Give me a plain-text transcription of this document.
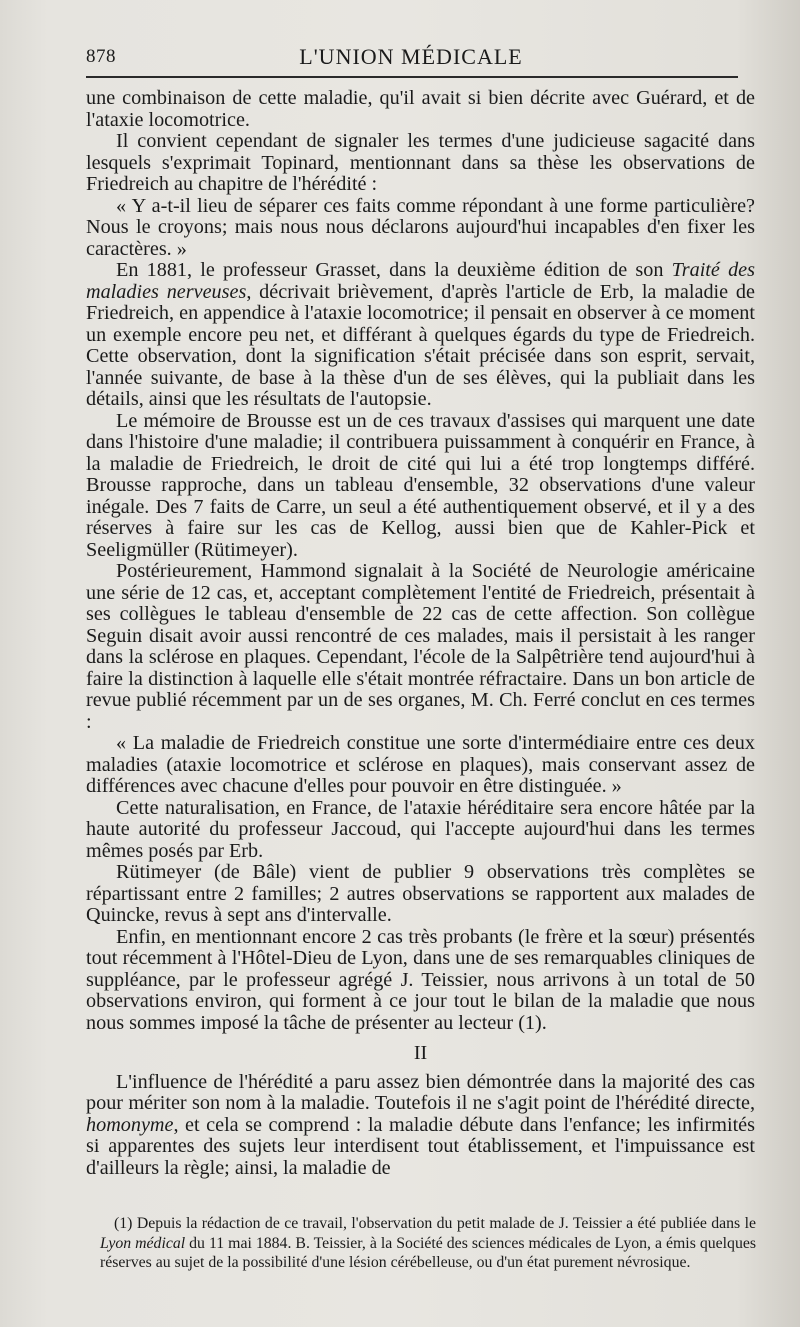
878	L'UNION MÉDICALE

une combinaison de cette maladie, qu'il avait si bien décrite avec Guérard, et de l'ataxie locomotrice.

Il convient cependant de signaler les termes d'une judicieuse sagacité dans lesquels s'exprimait Topinard, mentionnant dans sa thèse les observations de Friedreich au chapitre de l'hérédité :

« Y a-t-il lieu de séparer ces faits comme répondant à une forme particulière? Nous le croyons; mais nous nous déclarons aujourd'hui incapables d'en fixer les caractères. »

En 1881, le professeur Grasset, dans la deuxième édition de son Traité des maladies nerveuses, décrivait brièvement, d'après l'article de Erb, la maladie de Friedreich, en appendice à l'ataxie locomotrice; il pensait en observer à ce moment un exemple encore peu net, et différant à quelques égards du type de Friedreich. Cette observation, dont la signification s'était précisée dans son esprit, servait, l'année suivante, de base à la thèse d'un de ses élèves, qui la publiait dans les détails, ainsi que les résultats de l'autopsie.

Le mémoire de Brousse est un de ces travaux d'assises qui marquent une date dans l'histoire d'une maladie; il contribuera puissamment à conquérir en France, à la maladie de Friedreich, le droit de cité qui lui a été trop longtemps différé. Brousse rapproche, dans un tableau d'ensemble, 32 observations d'une valeur inégale. Des 7 faits de Carre, un seul a été authentiquement observé, et il y a des réserves à faire sur les cas de Kellog, aussi bien que de Kahler-Pick et Seeligmüller (Rütimeyer).

Postérieurement, Hammond signalait à la Société de Neurologie américaine une série de 12 cas, et, acceptant complètement l'entité de Friedreich, présentait à ses collègues le tableau d'ensemble de 22 cas de cette affection. Son collègue Seguin disait avoir aussi rencontré de ces malades, mais il persistait à les ranger dans la sclérose en plaques. Cependant, l'école de la Salpêtrière tend aujourd'hui à faire la distinction à laquelle elle s'était montrée réfractaire. Dans un bon article de revue publié récemment par un de ses organes, M. Ch. Ferré conclut en ces termes :

« La maladie de Friedreich constitue une sorte d'intermédiaire entre ces deux maladies (ataxie locomotrice et sclérose en plaques), mais conservant assez de différences avec chacune d'elles pour pouvoir en être distinguée. »

Cette naturalisation, en France, de l'ataxie héréditaire sera encore hâtée par la haute autorité du professeur Jaccoud, qui l'accepte aujourd'hui dans les termes mêmes posés par Erb.

Rütimeyer (de Bâle) vient de publier 9 observations très complètes se répartissant entre 2 familles; 2 autres observations se rapportent aux malades de Quincke, revus à sept ans d'intervalle.

Enfin, en mentionnant encore 2 cas très probants (le frère et la sœur) présentés tout récemment à l'Hôtel-Dieu de Lyon, dans une de ses remarquables cliniques de suppléance, par le professeur agrégé J. Teissier, nous arrivons à un total de 50 observations environ, qui forment à ce jour tout le bilan de la maladie que nous nous sommes imposé la tâche de présenter au lecteur (1).

II

L'influence de l'hérédité a paru assez bien démontrée dans la majorité des cas pour mériter son nom à la maladie. Toutefois il ne s'agit point de l'hérédité directe, homonyme, et cela se comprend : la maladie débute dans l'enfance; les infirmités si apparentes des sujets leur interdisent tout établissement, et l'impuissance est d'ailleurs la règle; ainsi, la maladie de

(1) Depuis la rédaction de ce travail, l'observation du petit malade de J. Teissier a été publiée dans le Lyon médical du 11 mai 1884. B. Teissier, à la Société des sciences médicales de Lyon, a émis quelques réserves au sujet de la possibilité d'une lésion cérébelleuse, ou d'un état purement névrosique.
